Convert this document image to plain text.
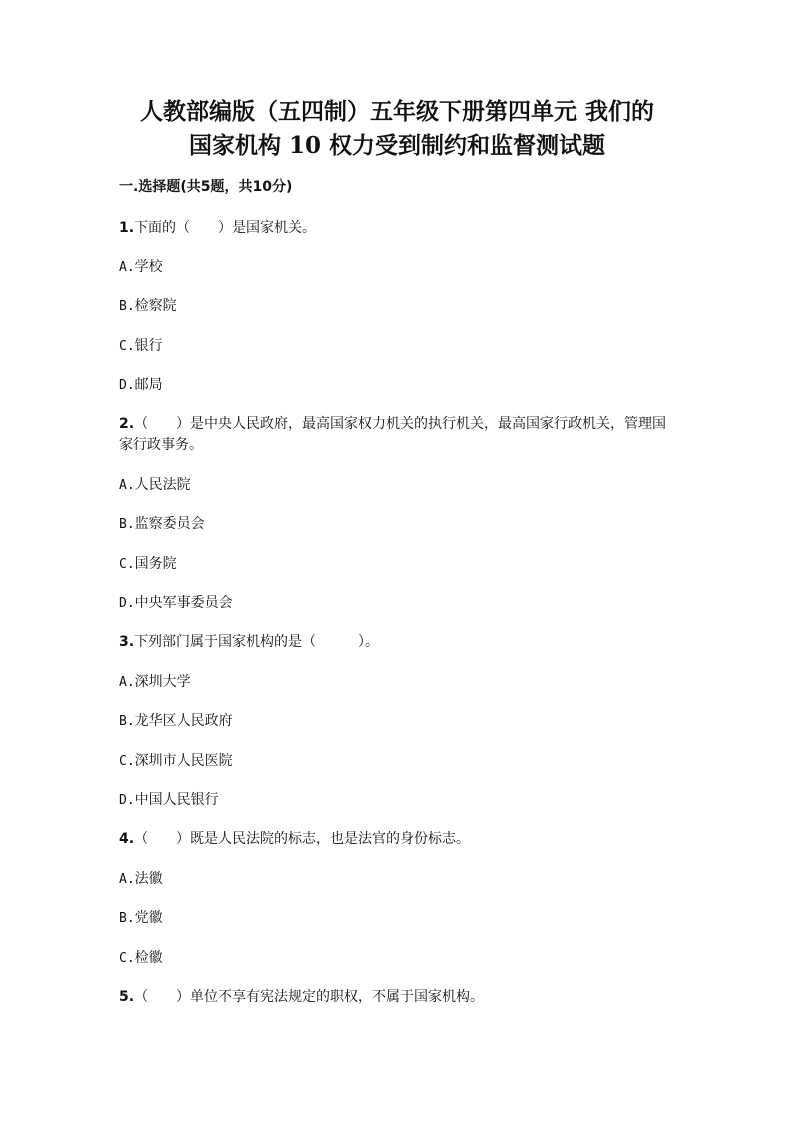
人教部编版（五四制）五年级下册第四单元 我们的
国家机构 10 权力受到制约和监督测试题
一.选择题(共5题，共10分)
1.下面的（　　）是国家机关。
A.学校
B.检察院
C.银行
D.邮局
2.（　　）是中央人民政府，最高国家权力机关的执行机关，最高国家行政机关，管理国家行政事务。
A.人民法院
B.监察委员会
C.国务院
D.中央军事委员会
3.下列部门属于国家机构的是（　　　）。
A.深圳大学
B.龙华区人民政府
C.深圳市人民医院
D.中国人民银行
4.（　　）既是人民法院的标志，也是法官的身份标志。
A.法徽
B.党徽
C.检徽
5.（　　）单位不享有宪法规定的职权，不属于国家机构。
